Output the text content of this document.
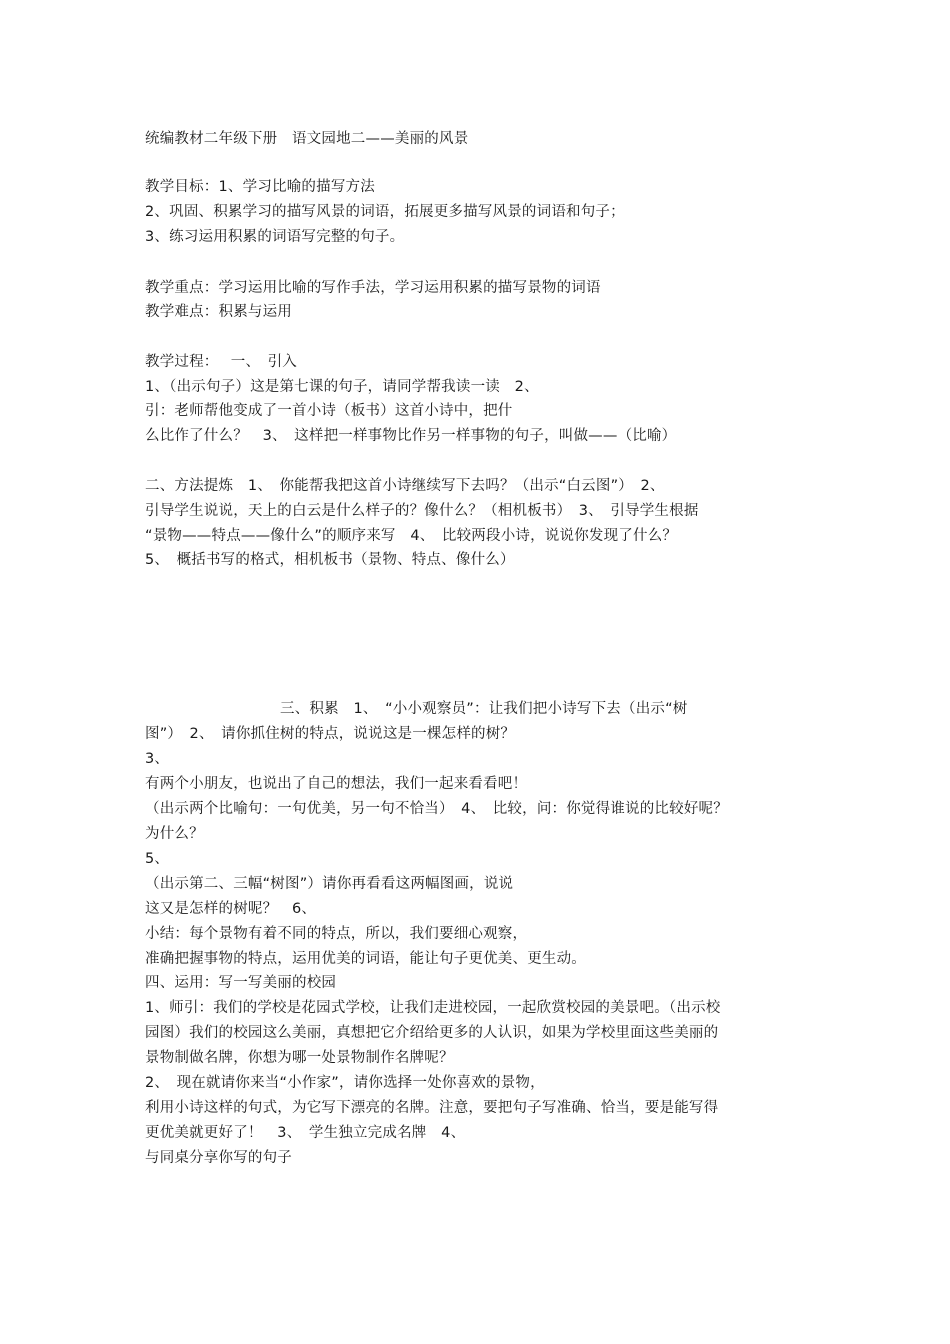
统编教材二年级下册　语文园地二——美丽的风景
教学目标：1、学习比喻的描写方法
2、巩固、积累学习的描写风景的词语，拓展更多描写风景的词语和句子；
3、练习运用积累的词语写完整的句子。
教学重点：学习运用比喻的写作手法，学习运用积累的描写景物的词语
教学难点：积累与运用
教学过程：　 一、　引入
1、（出示句子）这是第七课的句子，请同学帮我读一读　2、
引：老师帮他变成了一首小诗（板书）这首小诗中，把什
么比作了什么？　3、　这样把一样事物比作另一样事物的句子，叫做——（比喻）
二、方法提炼　1、　你能帮我把这首小诗继续写下去吗？（出示“白云图”）　2、
引导学生说说，天上的白云是什么样子的？像什么？（相机板书）　3、　引导学生根据
“景物——特点——像什么”的顺序来写　4、　比较两段小诗，说说你发现了什么？
5、　概括书写的格式，相机板书（景物、特点、像什么）
三、积累　1、　“小小观察员”：让我们把小诗写下去（出示“树
图”）　2、　请你抓住树的特点，说说这是一棵怎样的树？
3、
有两个小朋友，也说出了自己的想法，我们一起来看看吧！
（出示两个比喻句：一句优美，另一句不恰当）　4、　比较，问：你觉得谁说的比较好呢？
为什么？
5、
（出示第二、三幅“树图”）请你再看看这两幅图画，说说
这又是怎样的树呢？　6、
小结：每个景物有着不同的特点，所以，我们要细心观察，
准确把握事物的特点，运用优美的词语，能让句子更优美、更生动。
四、运用：写一写美丽的校园
1、师引：我们的学校是花园式学校，让我们走进校园，一起欣赏校园的美景吧。（出示校
园图）我们的校园这么美丽，真想把它介绍给更多的人认识，如果为学校里面这些美丽的
景物制做名牌，你想为哪一处景物制作名牌呢？
2、　现在就请你来当“小作家”，请你选择一处你喜欢的景物，
利用小诗这样的句式，为它写下漂亮的名牌。注意，要把句子写准确、恰当，要是能写得
更优美就更好了！　3、　学生独立完成名牌　4、
与同桌分享你写的句子
